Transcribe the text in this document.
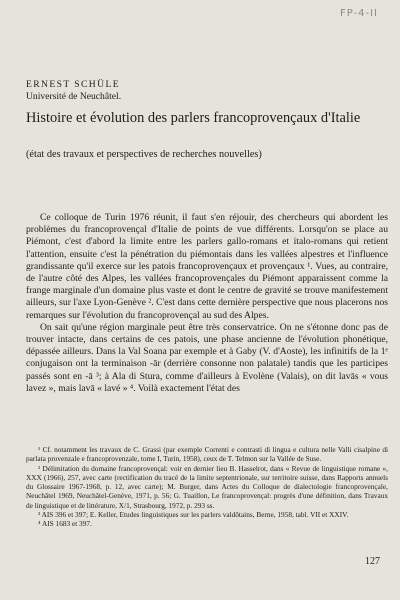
FP-4-II
ERNEST SCHÜLE
Université de Neuchâtel.
Histoire et évolution des parlers francoprovençaux d'Italie
(état des travaux et perspectives de recherches nouvelles)

Ce colloque de Turin 1976 réunit, il faut s'en réjouir, des chercheurs qui abordent les problèmes du francoprovençal d'Italie de points de vue différents. Lorsqu'on se place au Piémont, c'est d'abord la limite entre les parlers gallo-romans et italo-romans qui retient l'attention, ensuite c'est la pénétration du piémontais dans les vallées alpestres et l'influence grandissante qu'il exerce sur les patois francoprovençaux et provençaux ¹. Vues, au contraire, de l'autre côté des Alpes, les vallées francoprovençales du Piémont apparaissent comme la frange marginale d'un domaine plus vaste et dont le centre de gravité se trouve manifestement ailleurs, sur l'axe Lyon-Genève ². C'est dans cette dernière perspective que nous placerons nos remarques sur l'évolution du francoprovençal au sud des Alpes.

On sait qu'une région marginale peut être très conservatrice. On ne s'étonne donc pas de trouver intacte, dans certains de ces patois, une phase ancienne de l'évolution phonétique, dépassée ailleurs. Dans la Val Soana par exemple et à Gaby (V. d'Aoste), les infinitifs de la 1ᵉ conjugaison ont la terminaison -ār (derrière consonne non palatale) tandis que les participes passés sont en -ā ³; à Ala di Stura, comme d'ailleurs à Evolène (Valais), on dit lavās « vous lavez », mais lavā « lavé » ⁴. Voilà exactement l'état des

¹ Cf. notamment les travaux de C. Grassi (par exemple Correnti e contrasti di lingua e cultura nelle Valli cisalpine di parlata provenzale e francoprovenzale, tome I, Turin, 1958), ceux de T. Telmon sur la Vallée de Suse.

² Délimitation du domaine francoprovençal: voir en dernier lieu B. Hasselrot, dans « Revue de linguistique romane », XXX (1966), 257, avec carte (rectification du tracé de la limite septentrionale, sur territoire suisse, dans Rapports annuels du Glossaire 1967-1968, p. 12, avec carte); M. Burger, dans Actes du Colloque de dialectologie francoprovençale, Neuchâtel 1969, Neuchâtel-Genève, 1971, p. 56; G. Tuaillon, Le francoprovençal: progrès d'une définition, dans Travaux de linguistique et de littérature, X/1, Strasbourg, 1972, p. 293 ss.

³ AIS 396 et 397; E. Keller, Etudes linguistiques sur les parlers valdôtains, Berne, 1958, tabl. VII et XXIV.

⁴ AIS 1683 et 397.

127
